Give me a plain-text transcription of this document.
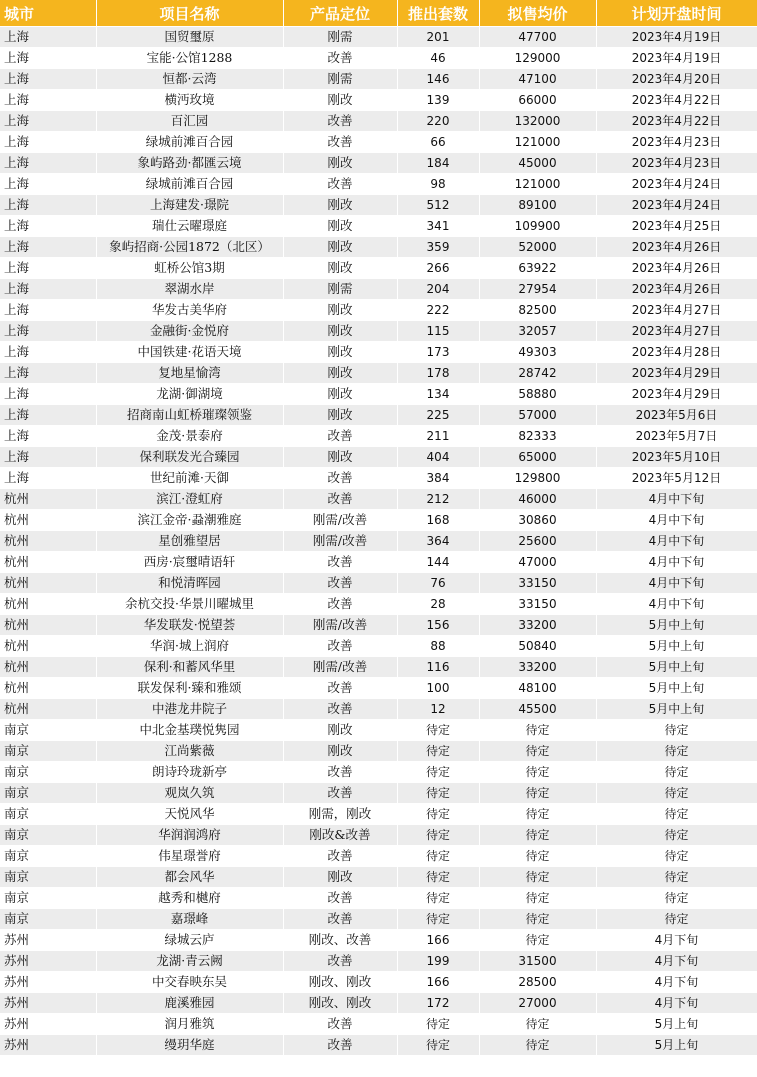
城市	项目名称	产品定位	推出套数	拟售均价	计划开盘时间
上海	国贸璽原	刚需	201	47700	2023年4月19日
上海	宝能·公馆1288	改善	46	129000	2023年4月19日
上海	恒都·云湾	刚需	146	47100	2023年4月20日
上海	横沔玫境	刚改	139	66000	2023年4月22日
上海	百汇园	改善	220	132000	2023年4月22日
上海	绿城前滩百合园	改善	66	121000	2023年4月23日
上海	象屿路劲·都匯云境	刚改	184	45000	2023年4月23日
上海	绿城前滩百合园	改善	98	121000	2023年4月24日
上海	上海建发·璟院	刚改	512	89100	2023年4月24日
上海	瑞仕云曜璟庭	刚改	341	109900	2023年4月25日
上海	象屿招商·公园1872（北区）	刚改	359	52000	2023年4月26日
上海	虹桥公馆3期	刚改	266	63922	2023年4月26日
上海	翠湖水岸	刚需	204	27954	2023年4月26日
上海	华发古美华府	刚改	222	82500	2023年4月27日
上海	金融街·金悦府	刚改	115	32057	2023年4月27日
上海	中国铁建·花语天境	刚改	173	49303	2023年4月28日
上海	复地星愉湾	刚改	178	28742	2023年4月29日
上海	龙湖·御湖境	刚改	134	58880	2023年4月29日
上海	招商南山虹桥璀璨领鉴	刚改	225	57000	2023年5月6日
上海	金茂·景泰府	改善	211	82333	2023年5月7日
上海	保利联发光合臻园	刚改	404	65000	2023年5月10日
上海	世纪前滩·天御	改善	384	129800	2023年5月12日
杭州	滨江·澄虹府	改善	212	46000	4月中下旬
杭州	滨江金帝·蝨潮雅庭	刚需/改善	168	30860	4月中下旬
杭州	星创雅望居	刚需/改善	364	25600	4月中下旬
杭州	西房·宸璽晴语轩	改善	144	47000	4月中下旬
杭州	和悦清晖园	改善	76	33150	4月中下旬
杭州	余杭交投·华景川曜城里	改善	28	33150	4月中下旬
杭州	华发联发·悦望荟	刚需/改善	156	33200	5月中上旬
杭州	华润·城上润府	改善	88	50840	5月中上旬
杭州	保利·和蓄风华里	刚需/改善	116	33200	5月中上旬
杭州	联发保利·臻和雅颂	改善	100	48100	5月中上旬
杭州	中港龙井院子	改善	12	45500	5月中上旬
南京	中北金基璞悦隽园	刚改	待定	待定	待定
南京	江尚紫薇	刚改	待定	待定	待定
南京	朗诗玲珑新亭	改善	待定	待定	待定
南京	观岚久筑	改善	待定	待定	待定
南京	天悦风华	刚需，刚改	待定	待定	待定
南京	华润润鸿府	刚改&改善	待定	待定	待定
南京	伟星璟誉府	改善	待定	待定	待定
南京	都会风华	刚改	待定	待定	待定
南京	越秀和樾府	改善	待定	待定	待定
南京	嘉璟峰	改善	待定	待定	待定
苏州	绿城云庐	刚改、改善	166	待定	4月下旬
苏州	龙湖·青云阙	改善	199	31500	4月下旬
苏州	中交春映东吴	刚改、刚改	166	28500	4月下旬
苏州	鹿溪雅园	刚改、刚改	172	27000	4月下旬
苏州	润月雅筑	改善	待定	待定	5月上旬
苏州	缦玥华庭	改善	待定	待定	5月上旬
